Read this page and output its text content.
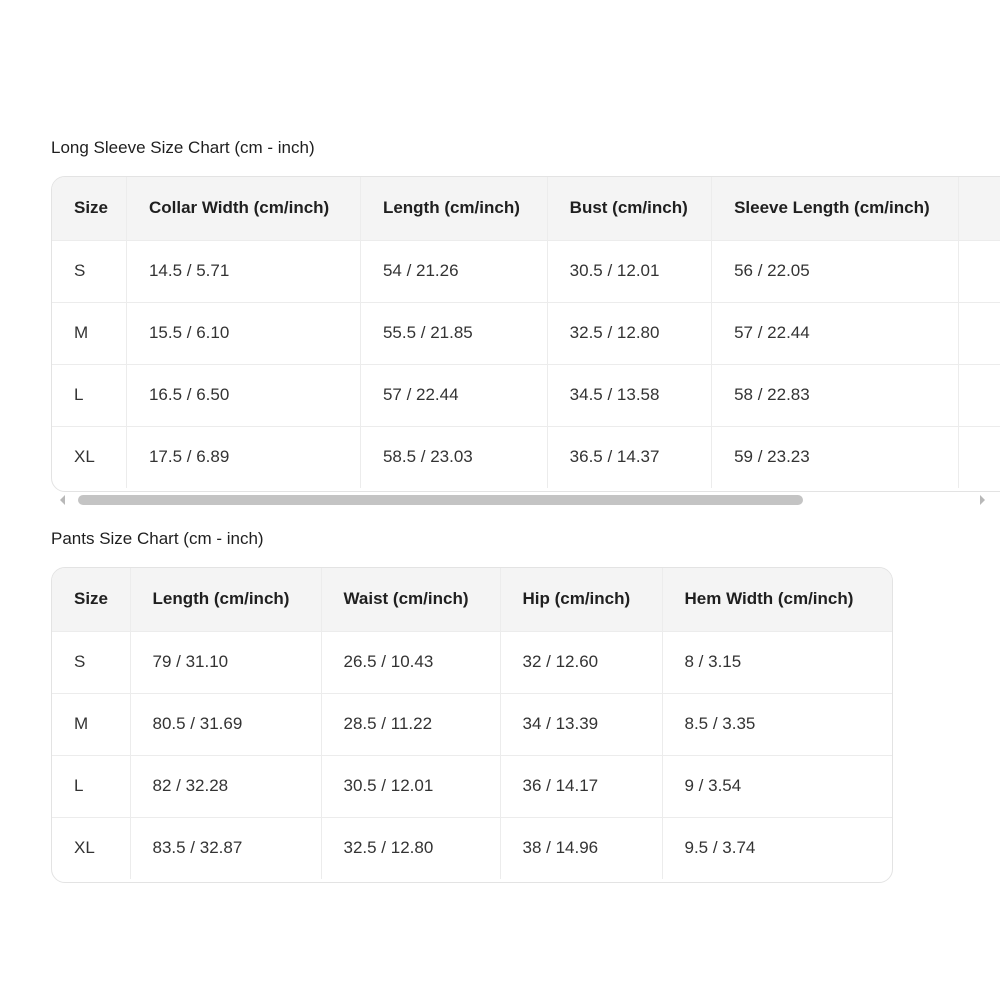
Long Sleeve Size Chart (cm - inch)
Size	Collar Width (cm/inch)	Length (cm/inch)	Bust (cm/inch)	Sleeve Length (cm/inch)	
S	14.5 / 5.71	54 / 21.26	30.5 / 12.01	56 / 22.05	
M	15.5 / 6.10	55.5 / 21.85	32.5 / 12.80	57 / 22.44	
L	16.5 / 6.50	57 / 22.44	34.5 / 13.58	58 / 22.83	
XL	17.5 / 6.89	58.5 / 23.03	36.5 / 14.37	59 / 23.23	
Pants Size Chart (cm - inch)
Size	Length (cm/inch)	Waist (cm/inch)	Hip (cm/inch)	Hem Width (cm/inch)
S	79 / 31.10	26.5 / 10.43	32 / 12.60	8 / 3.15
M	80.5 / 31.69	28.5 / 11.22	34 / 13.39	8.5 / 3.35
L	82 / 32.28	30.5 / 12.01	36 / 14.17	9 / 3.54
XL	83.5 / 32.87	32.5 / 12.80	38 / 14.96	9.5 / 3.74
